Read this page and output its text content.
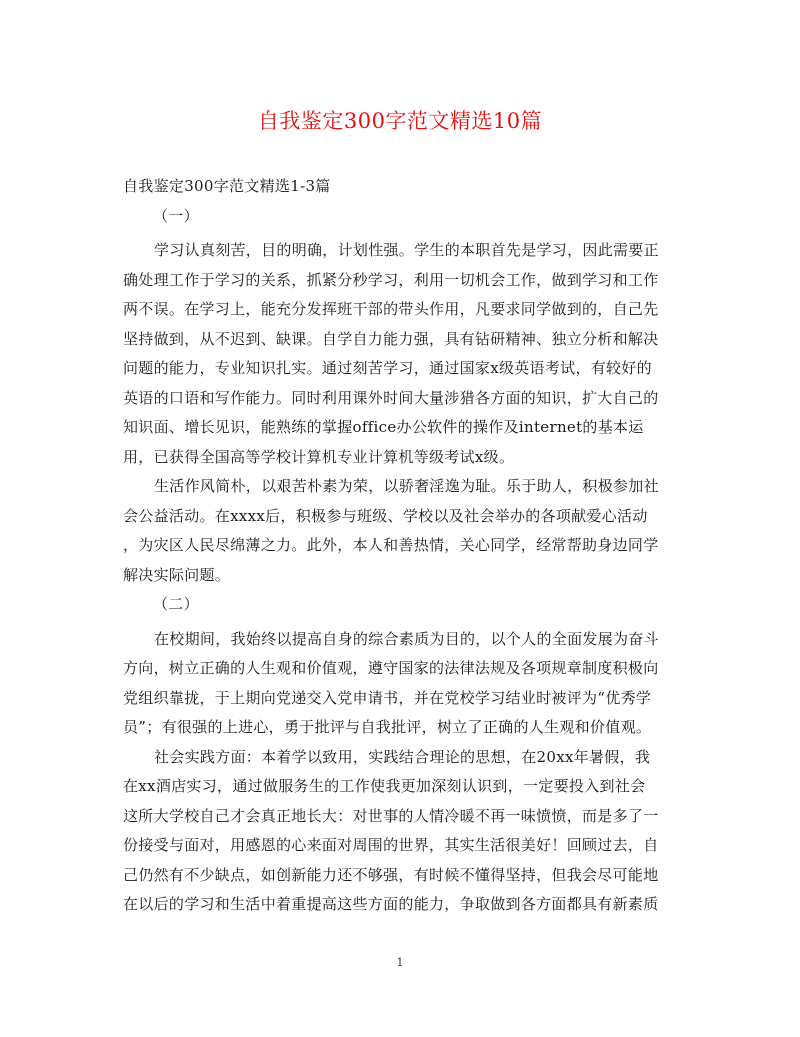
自我鉴定300字范文精选10篇
自我鉴定300字范文精选1-3篇
（一）
学习认真刻苦，目的明确，计划性强。学生的本职首先是学习，因此需要正
确处理工作于学习的关系，抓紧分秒学习，利用一切机会工作，做到学习和工作
两不误。在学习上，能充分发挥班干部的带头作用，凡要求同学做到的，自己先
坚持做到，从不迟到、缺课。自学自力能力强，具有钻研精神、独立分析和解决
问题的能力，专业知识扎实。通过刻苦学习，通过国家x级英语考试，有较好的
英语的口语和写作能力。同时利用课外时间大量涉猎各方面的知识，扩大自己的
知识面、增长见识，能熟练的掌握office办公软件的操作及internet的基本运
用，已获得全国高等学校计算机专业计算机等级考试x级。
生活作风简朴，以艰苦朴素为荣，以骄奢淫逸为耻。乐于助人，积极参加社
会公益活动。在xxxx后，积极参与班级、学校以及社会举办的各项献爱心活动
，为灾区人民尽绵薄之力。此外，本人和善热情，关心同学，经常帮助身边同学
解决实际问题。
（二）
在校期间，我始终以提高自身的综合素质为目的，以个人的全面发展为奋斗
方向，树立正确的人生观和价值观，遵守国家的法律法规及各项规章制度积极向
党组织靠拢，于上期向党递交入党申请书，并在党校学习结业时被评为“优秀学
员”；有很强的上进心，勇于批评与自我批评，树立了正确的人生观和价值观。
社会实践方面：本着学以致用，实践结合理论的思想，在20xx年暑假，我
在xx酒店实习，通过做服务生的工作使我更加深刻认识到，一定要投入到社会
这所大学校自己才会真正地长大：对世事的人情冷暖不再一味愤愤，而是多了一
份接受与面对，用感恩的心来面对周围的世界，其实生活很美好！回顾过去，自
己仍然有不少缺点，如创新能力还不够强，有时候不懂得坚持，但我会尽可能地
在以后的学习和生活中着重提高这些方面的能力，争取做到各方面都具有新素质
1
